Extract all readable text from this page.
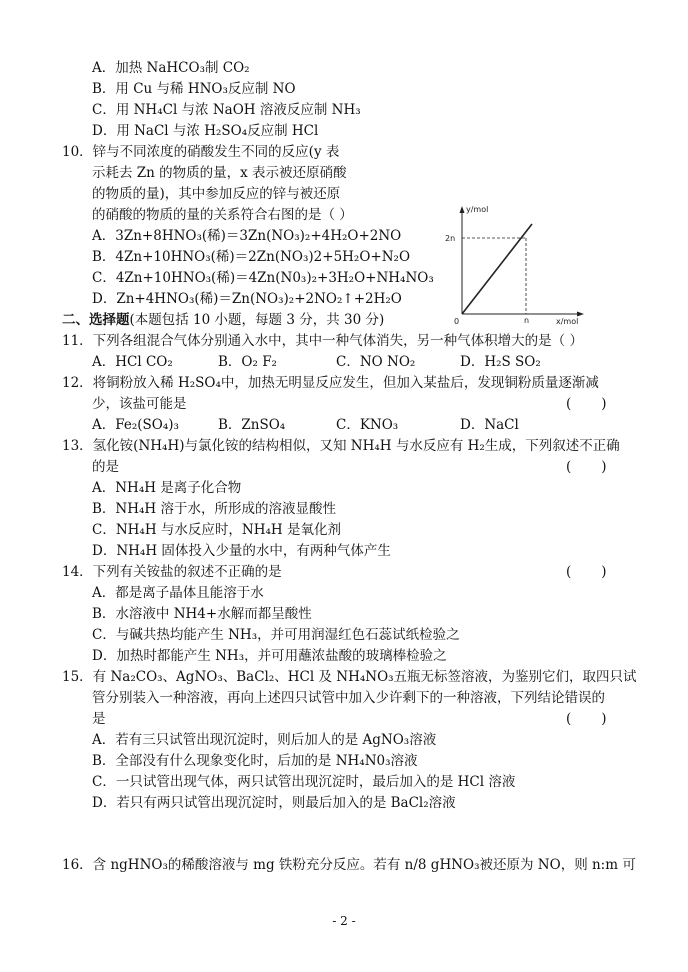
A．加热 NaHCO₃制 CO₂
B．用 Cu 与稀 HNO₃反应制 NO
C．用 NH₄Cl 与浓 NaOH 溶液反应制 NH₃
D．用 NaCl 与浓 H₂SO₄反应制 HCl
10．锌与不同浓度的硝酸发生不同的反应(y 表
示耗去 Zn 的物质的量，x 表示被还原硝酸
的物质的量)，其中参加反应的锌与被还原
的硝酸的物质的量的关系符合右图的是（ ）
A．3Zn+8HNO₃(稀)＝3Zn(NO₃)₂+4H₂O+2NO
B．4Zn+10HNO₃(稀)＝2Zn(NO₃)2+5H₂O+N₂O
C．4Zn+10HNO₃(稀)＝4Zn(N0₃)₂+3H₂O+NH₄NO₃
D．Zn+4HNO₃(稀)＝Zn(NO₃)₂+2NO₂↑+2H₂O
y/mol
x/mol
2n
n
0
二、选择题(本题包括 10 小题，每题 3 分，共 30 分)
11．下列各组混合气体分别通入水中，其中一种气体消失，另一种气体积增大的是（ ）
A．HCl CO₂	B．O₂ F₂	C．NO NO₂	D．H₂S SO₂
12．将铜粉放入稀 H₂SO₄中，加热无明显反应发生，但加入某盐后，发现铜粉质量逐渐减
少，该盐可能是	(       )
A．Fe₂(SO₄)₃	B．ZnSO₄	C．KNO₃	D．NaCl
13．氢化铵(NH₄H)与氯化铵的结构相似，又知 NH₄H 与水反应有 H₂生成，下列叙述不正确
的是	(       )
A．NH₄H 是离子化合物
B．NH₄H 溶于水，所形成的溶液显酸性
C．NH₄H 与水反应时，NH₄H 是氧化剂
D．NH₄H 固体投入少量的水中，有两种气体产生
14．下列有关铵盐的叙述不正确的是	(       )
A．都是离子晶体且能溶于水
B．水溶液中 NH4+水解而都呈酸性
C．与碱共热均能产生 NH₃，并可用润湿红色石蕊试纸检验之
D．加热时都能产生 NH₃，并可用蘸浓盐酸的玻璃棒检验之
15．有 Na₂CO₃、AgNO₃、BaCl₂、HCl 及 NH₄NO₃五瓶无标签溶液，为鉴别它们，取四只试
管分别装入一种溶液，再向上述四只试管中加入少许剩下的一种溶液，下列结论错误的
是	(       )
A．若有三只试管出现沉淀时，则后加人的是 AgNO₃溶液
B．全部没有什么现象变化时，后加的是 NH₄N0₃溶液
C．一只试管出现气体，两只试管出现沉淀时，最后加入的是 HCl 溶液
D．若只有两只试管出现沉淀时，则最后加入的是 BaCl₂溶液
16．含 ngHNO₃的稀酸溶液与 mg 铁粉充分反应。若有 n/8 gHNO₃被还原为 NO，则 n:m 可
- 2 -
